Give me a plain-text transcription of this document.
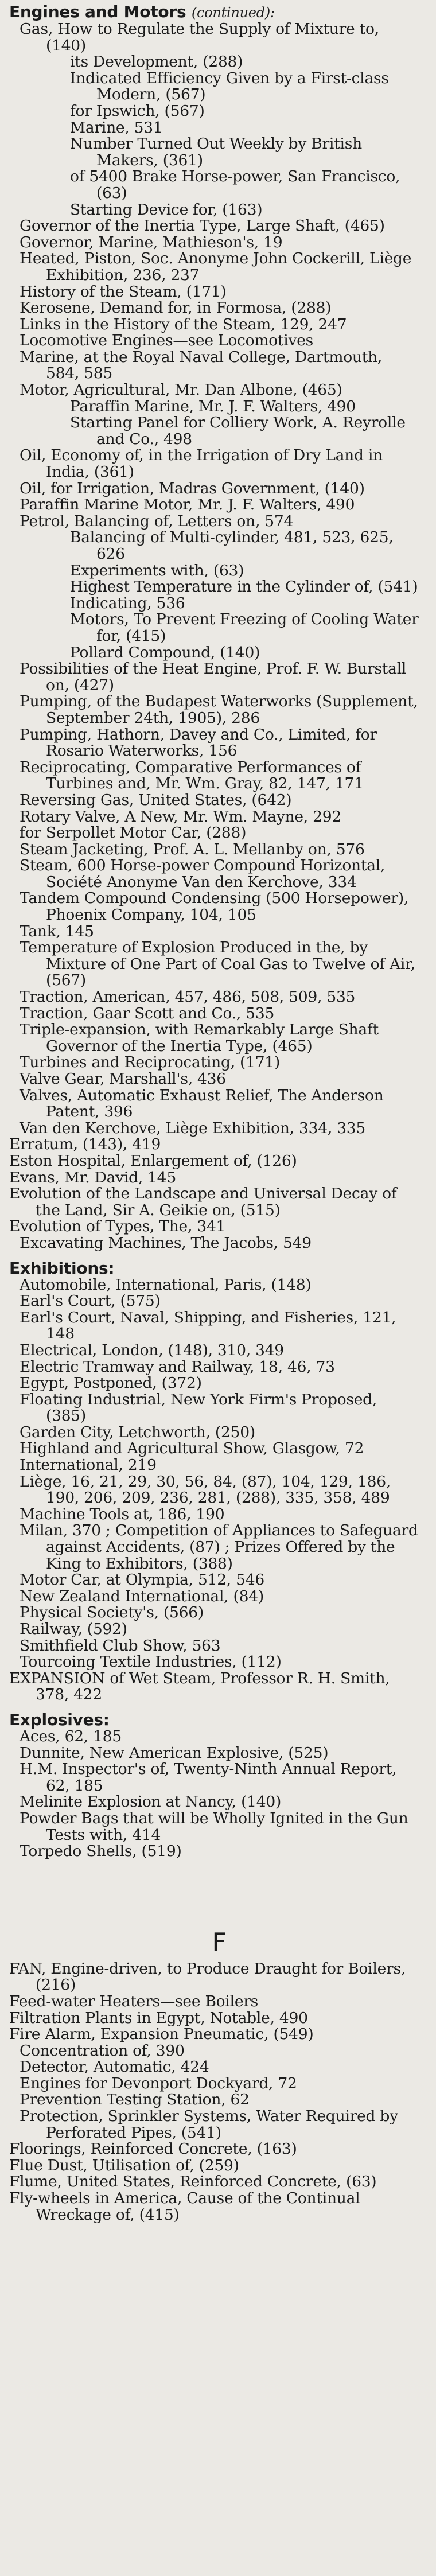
Engines and Motors (continued):

Gas, How to Regulate the Supply of Mixture to, (140)

its Development, (288)

Indicated Efficiency Given by a First-class Modern, (567)

for Ipswich, (567)

Marine, 531

Number Turned Out Weekly by British Makers, (361)

of 5400 Brake Horse-power, San Francisco, (63)

Starting Device for, (163)

Governor of the Inertia Type, Large Shaft, (465)

Governor, Marine, Mathieson's, 19

Heated, Piston, Soc. Anonyme John Cockerill, Liège Exhibition, 236, 237

History of the Steam, (171)

Kerosene, Demand for, in Formosa, (288)

Links in the History of the Steam, 129, 247

Locomotive Engines—see Locomotives

Marine, at the Royal Naval College, Dartmouth, 584, 585

Motor, Agricultural, Mr. Dan Albone, (465)

Paraffin Marine, Mr. J. F. Walters, 490

Starting Panel for Colliery Work, A. Reyrolle and Co., 498

Oil, Economy of, in the Irrigation of Dry Land in India, (361)

Oil, for Irrigation, Madras Government, (140)

Paraffin Marine Motor, Mr. J. F. Walters, 490

Petrol, Balancing of, Letters on, 574

Balancing of Multi-cylinder, 481, 523, 625, 626

Experiments with, (63)

Highest Temperature in the Cylinder of, (541)

Indicating, 536

Motors, To Prevent Freezing of Cooling Water for, (415)

Pollard Compound, (140)

Possibilities of the Heat Engine, Prof. F. W. Burstall on, (427)

Pumping, of the Budapest Waterworks (Supplement, September 24th, 1905), 286

Pumping, Hathorn, Davey and Co., Limited, for Rosario Waterworks, 156

Reciprocating, Comparative Performances of Turbines and, Mr. Wm. Gray, 82, 147, 171

Reversing Gas, United States, (642)

Rotary Valve, A New, Mr. Wm. Mayne, 292

for Serpollet Motor Car, (288)

Steam Jacketing, Prof. A. L. Mellanby on, 576

Steam, 600 Horse-power Compound Horizontal, Société Anonyme Van den Kerchove, 334

Tandem Compound Condensing (500 Horsepower), Phoenix Company, 104, 105

Tank, 145

Temperature of Explosion Produced in the, by Mixture of One Part of Coal Gas to Twelve of Air, (567)

Traction, American, 457, 486, 508, 509, 535

Traction, Gaar Scott and Co., 535

Triple-expansion, with Remarkably Large Shaft Governor of the Inertia Type, (465)

Turbines and Reciprocating, (171)

Valve Gear, Marshall's, 436

Valves, Automatic Exhaust Relief, The Anderson Patent, 396

Van den Kerchove, Liège Exhibition, 334, 335

Erratum, (143), 419

Eston Hospital, Enlargement of, (126)

Evans, Mr. David, 145

Evolution of the Landscape and Universal Decay of the Land, Sir A. Geikie on, (515)

Evolution of Types, The, 341

Excavating Machines, The Jacobs, 549

Exhibitions:

Automobile, International, Paris, (148)

Earl's Court, (575)

Earl's Court, Naval, Shipping, and Fisheries, 121, 148

Electrical, London, (148), 310, 349

Electric Tramway and Railway, 18, 46, 73

Egypt, Postponed, (372)

Floating Industrial, New York Firm's Proposed, (385)

Garden City, Letchworth, (250)

Highland and Agricultural Show, Glasgow, 72

International, 219

Liège, 16, 21, 29, 30, 56, 84, (87), 104, 129, 186, 190, 206, 209, 236, 281, (288), 335, 358, 489

Machine Tools at, 186, 190

Milan, 370 ; Competition of Appliances to Safeguard against Accidents, (87) ; Prizes Offered by the King to Exhibitors, (388)

Motor Car, at Olympia, 512, 546

New Zealand International, (84)

Physical Society's, (566)

Railway, (592)

Smithfield Club Show, 563

Tourcoing Textile Industries, (112)

EXPANSION of Wet Steam, Professor R. H. Smith, 378, 422

Explosives:

Aces, 62, 185

Dunnite, New American Explosive, (525)

H.M. Inspector's of, Twenty-Ninth Annual Report, 62, 185

Melinite Explosion at Nancy, (140)

Powder Bags that will be Wholly Ignited in the Gun Tests with, 414

Torpedo Shells, (519)

F

FAN, Engine-driven, to Produce Draught for Boilers, (216)

Feed-water Heaters—see Boilers

Filtration Plants in Egypt, Notable, 490

Fire Alarm, Expansion Pneumatic, (549)

Concentration of, 390

Detector, Automatic, 424

Engines for Devonport Dockyard, 72

Prevention Testing Station, 62

Protection, Sprinkler Systems, Water Required by Perforated Pipes, (541)

Floorings, Reinforced Concrete, (163)

Flue Dust, Utilisation of, (259)

Flume, United States, Reinforced Concrete, (63)

Fly-wheels in America, Cause of the Continual Wreckage of, (415)
